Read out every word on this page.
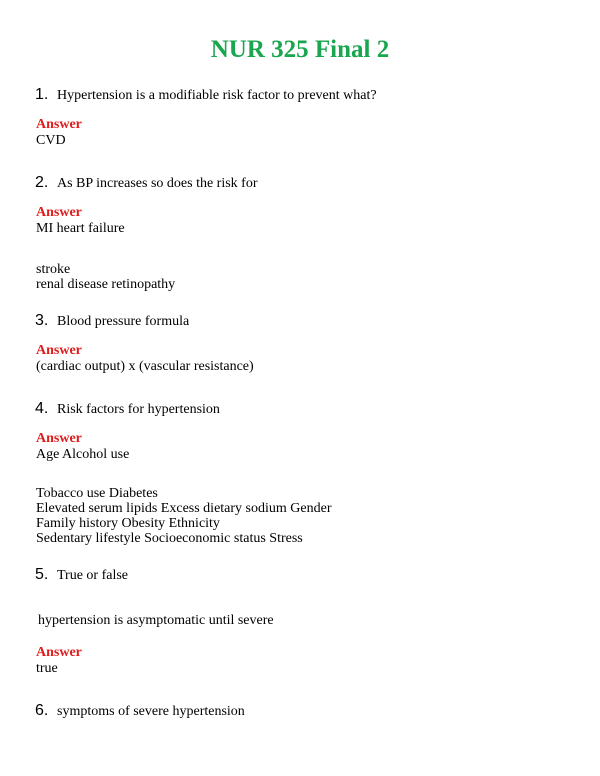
NUR 325 Final 2
1. Hypertension is a modifiable risk factor to prevent what?
Answer
CVD
2. As BP increases so does the risk for
Answer
MI heart failure
stroke
renal disease retinopathy
3. Blood pressure formula
Answer
(cardiac output) x (vascular resistance)
4. Risk factors for hypertension
Answer
Age Alcohol use
Tobacco use Diabetes
Elevated serum lipids Excess dietary sodium Gender
Family history Obesity Ethnicity
Sedentary lifestyle Socioeconomic status Stress
5. True or false
hypertension is asymptomatic until severe
Answer
true
6. symptoms of severe hypertension
